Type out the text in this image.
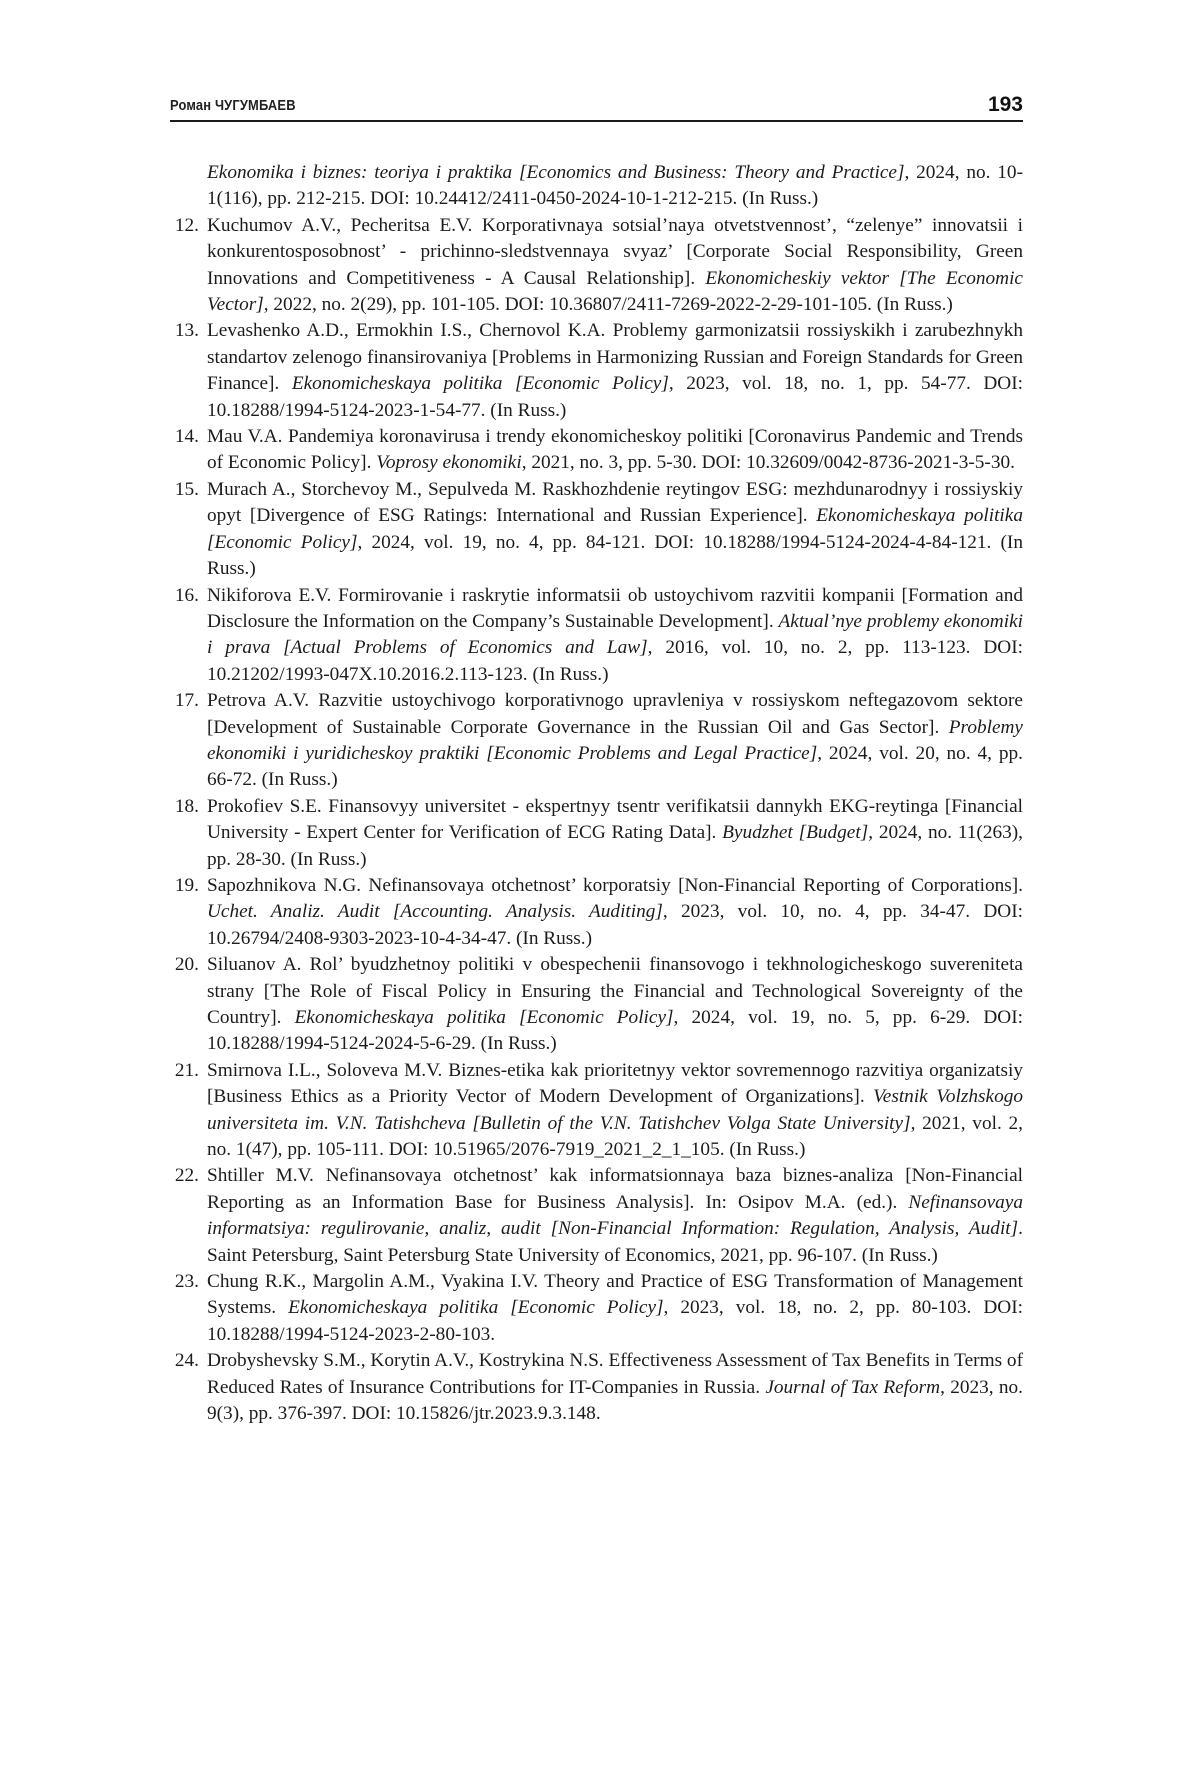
Роман ЧУГУМБАЕВ	193
Ekonomika i biznes: teoriya i praktika [Economics and Business: Theory and Practice], 2024, no. 10-1(116), pp. 212-215. DOI: 10.24412/2411-0450-2024-10-1-212-215. (In Russ.)
12. Kuchumov A.V., Pecheritsa E.V. Korporativnaya sotsial’naya otvetstvennost’, “zelenye” innovatsii i konkurentosposobnost’ - prichinno-sledstvennaya svyaz’ [Corporate Social Responsibility, Green Innovations and Competitiveness - A Causal Relationship]. Ekonomicheskiy vektor [The Economic Vector], 2022, no. 2(29), pp. 101-105. DOI: 10.36807/2411-7269-2022-2-29-101-105. (In Russ.)
13. Levashenko A.D., Ermokhin I.S., Chernovol K.A. Problemy garmonizatsii rossiyskikh i zarubezhnykh standartov zelenogo finansirovaniya [Problems in Harmonizing Russian and Foreign Standards for Green Finance]. Ekonomicheskaya politika [Economic Policy], 2023, vol. 18, no. 1, pp. 54-77. DOI: 10.18288/1994-5124-2023-1-54-77. (In Russ.)
14. Mau V.A. Pandemiya koronavirusa i trendy ekonomicheskoy politiki [Coronavirus Pandemic and Trends of Economic Policy]. Voprosy ekonomiki, 2021, no. 3, pp. 5-30. DOI: 10.32609/0042-8736-2021-3-5-30.
15. Murach A., Storchevoy M., Sepulveda M. Raskhozhdenie reytingov ESG: mezhdunarodnyy i rossiyskiy opyt [Divergence of ESG Ratings: International and Russian Experience]. Ekonomicheskaya politika [Economic Policy], 2024, vol. 19, no. 4, pp. 84-121. DOI: 10.18288/1994-5124-2024-4-84-121. (In Russ.)
16. Nikiforova E.V. Formirovanie i raskrytie informatsii ob ustoychivom razvitii kompanii [Formation and Disclosure the Information on the Company’s Sustainable Development]. Aktual’nye problemy ekonomiki i prava [Actual Problems of Economics and Law], 2016, vol. 10, no. 2, pp. 113-123. DOI: 10.21202/1993-047X.10.2016.2.113-123. (In Russ.)
17. Petrova A.V. Razvitie ustoychivogo korporativnogo upravleniya v rossiyskom neftegazovom sektore [Development of Sustainable Corporate Governance in the Russian Oil and Gas Sector]. Problemy ekonomiki i yuridicheskoy praktiki [Economic Problems and Legal Practice], 2024, vol. 20, no. 4, pp. 66-72. (In Russ.)
18. Prokofiev S.E. Finansovyy universitet - ekspertnyy tsentr verifikatsii dannykh EKG-reytinga [Financial University - Expert Center for Verification of ECG Rating Data]. Byudzhet [Budget], 2024, no. 11(263), pp. 28-30. (In Russ.)
19. Sapozhnikova N.G. Nefinansovaya otchetnost’ korporatsiy [Non-Financial Reporting of Corporations]. Uchet. Analiz. Audit [Accounting. Analysis. Auditing], 2023, vol. 10, no. 4, pp. 34-47. DOI: 10.26794/2408-9303-2023-10-4-34-47. (In Russ.)
20. Siluanov A. Rol’ byudzhetnoy politiki v obespechenii finansovogo i tekhnologicheskogo suvereniteta strany [The Role of Fiscal Policy in Ensuring the Financial and Technological Sovereignty of the Country]. Ekonomicheskaya politika [Economic Policy], 2024, vol. 19, no. 5, pp. 6-29. DOI: 10.18288/1994-5124-2024-5-6-29. (In Russ.)
21. Smirnova I.L., Soloveva M.V. Biznes-etika kak prioritetnyy vektor sovremennogo razvitiya organizatsiy [Business Ethics as a Priority Vector of Modern Development of Organizations]. Vestnik Volzhskogo universiteta im. V.N. Tatishcheva [Bulletin of the V.N. Tatishchev Volga State University], 2021, vol. 2, no. 1(47), pp. 105-111. DOI: 10.51965/2076-7919_2021_2_1_105. (In Russ.)
22. Shtiller M.V. Nefinansovaya otchetnost’ kak informatsionnaya baza biznes-analiza [Non-Financial Reporting as an Information Base for Business Analysis]. In: Osipov M.A. (ed.). Nefinansovaya informatsiya: regulirovanie, analiz, audit [Non-Financial Information: Regulation, Analysis, Audit]. Saint Petersburg, Saint Petersburg State University of Economics, 2021, pp. 96-107. (In Russ.)
23. Chung R.K., Margolin A.M., Vyakina I.V. Theory and Practice of ESG Transformation of Management Systems. Ekonomicheskaya politika [Economic Policy], 2023, vol. 18, no. 2, pp. 80-103. DOI: 10.18288/1994-5124-2023-2-80-103.
24. Drobyshevsky S.M., Korytin A.V., Kostrykina N.S. Effectiveness Assessment of Tax Benefits in Terms of Reduced Rates of Insurance Contributions for IT-Companies in Russia. Journal of Tax Reform, 2023, no. 9(3), pp. 376-397. DOI: 10.15826/jtr.2023.9.3.148.
